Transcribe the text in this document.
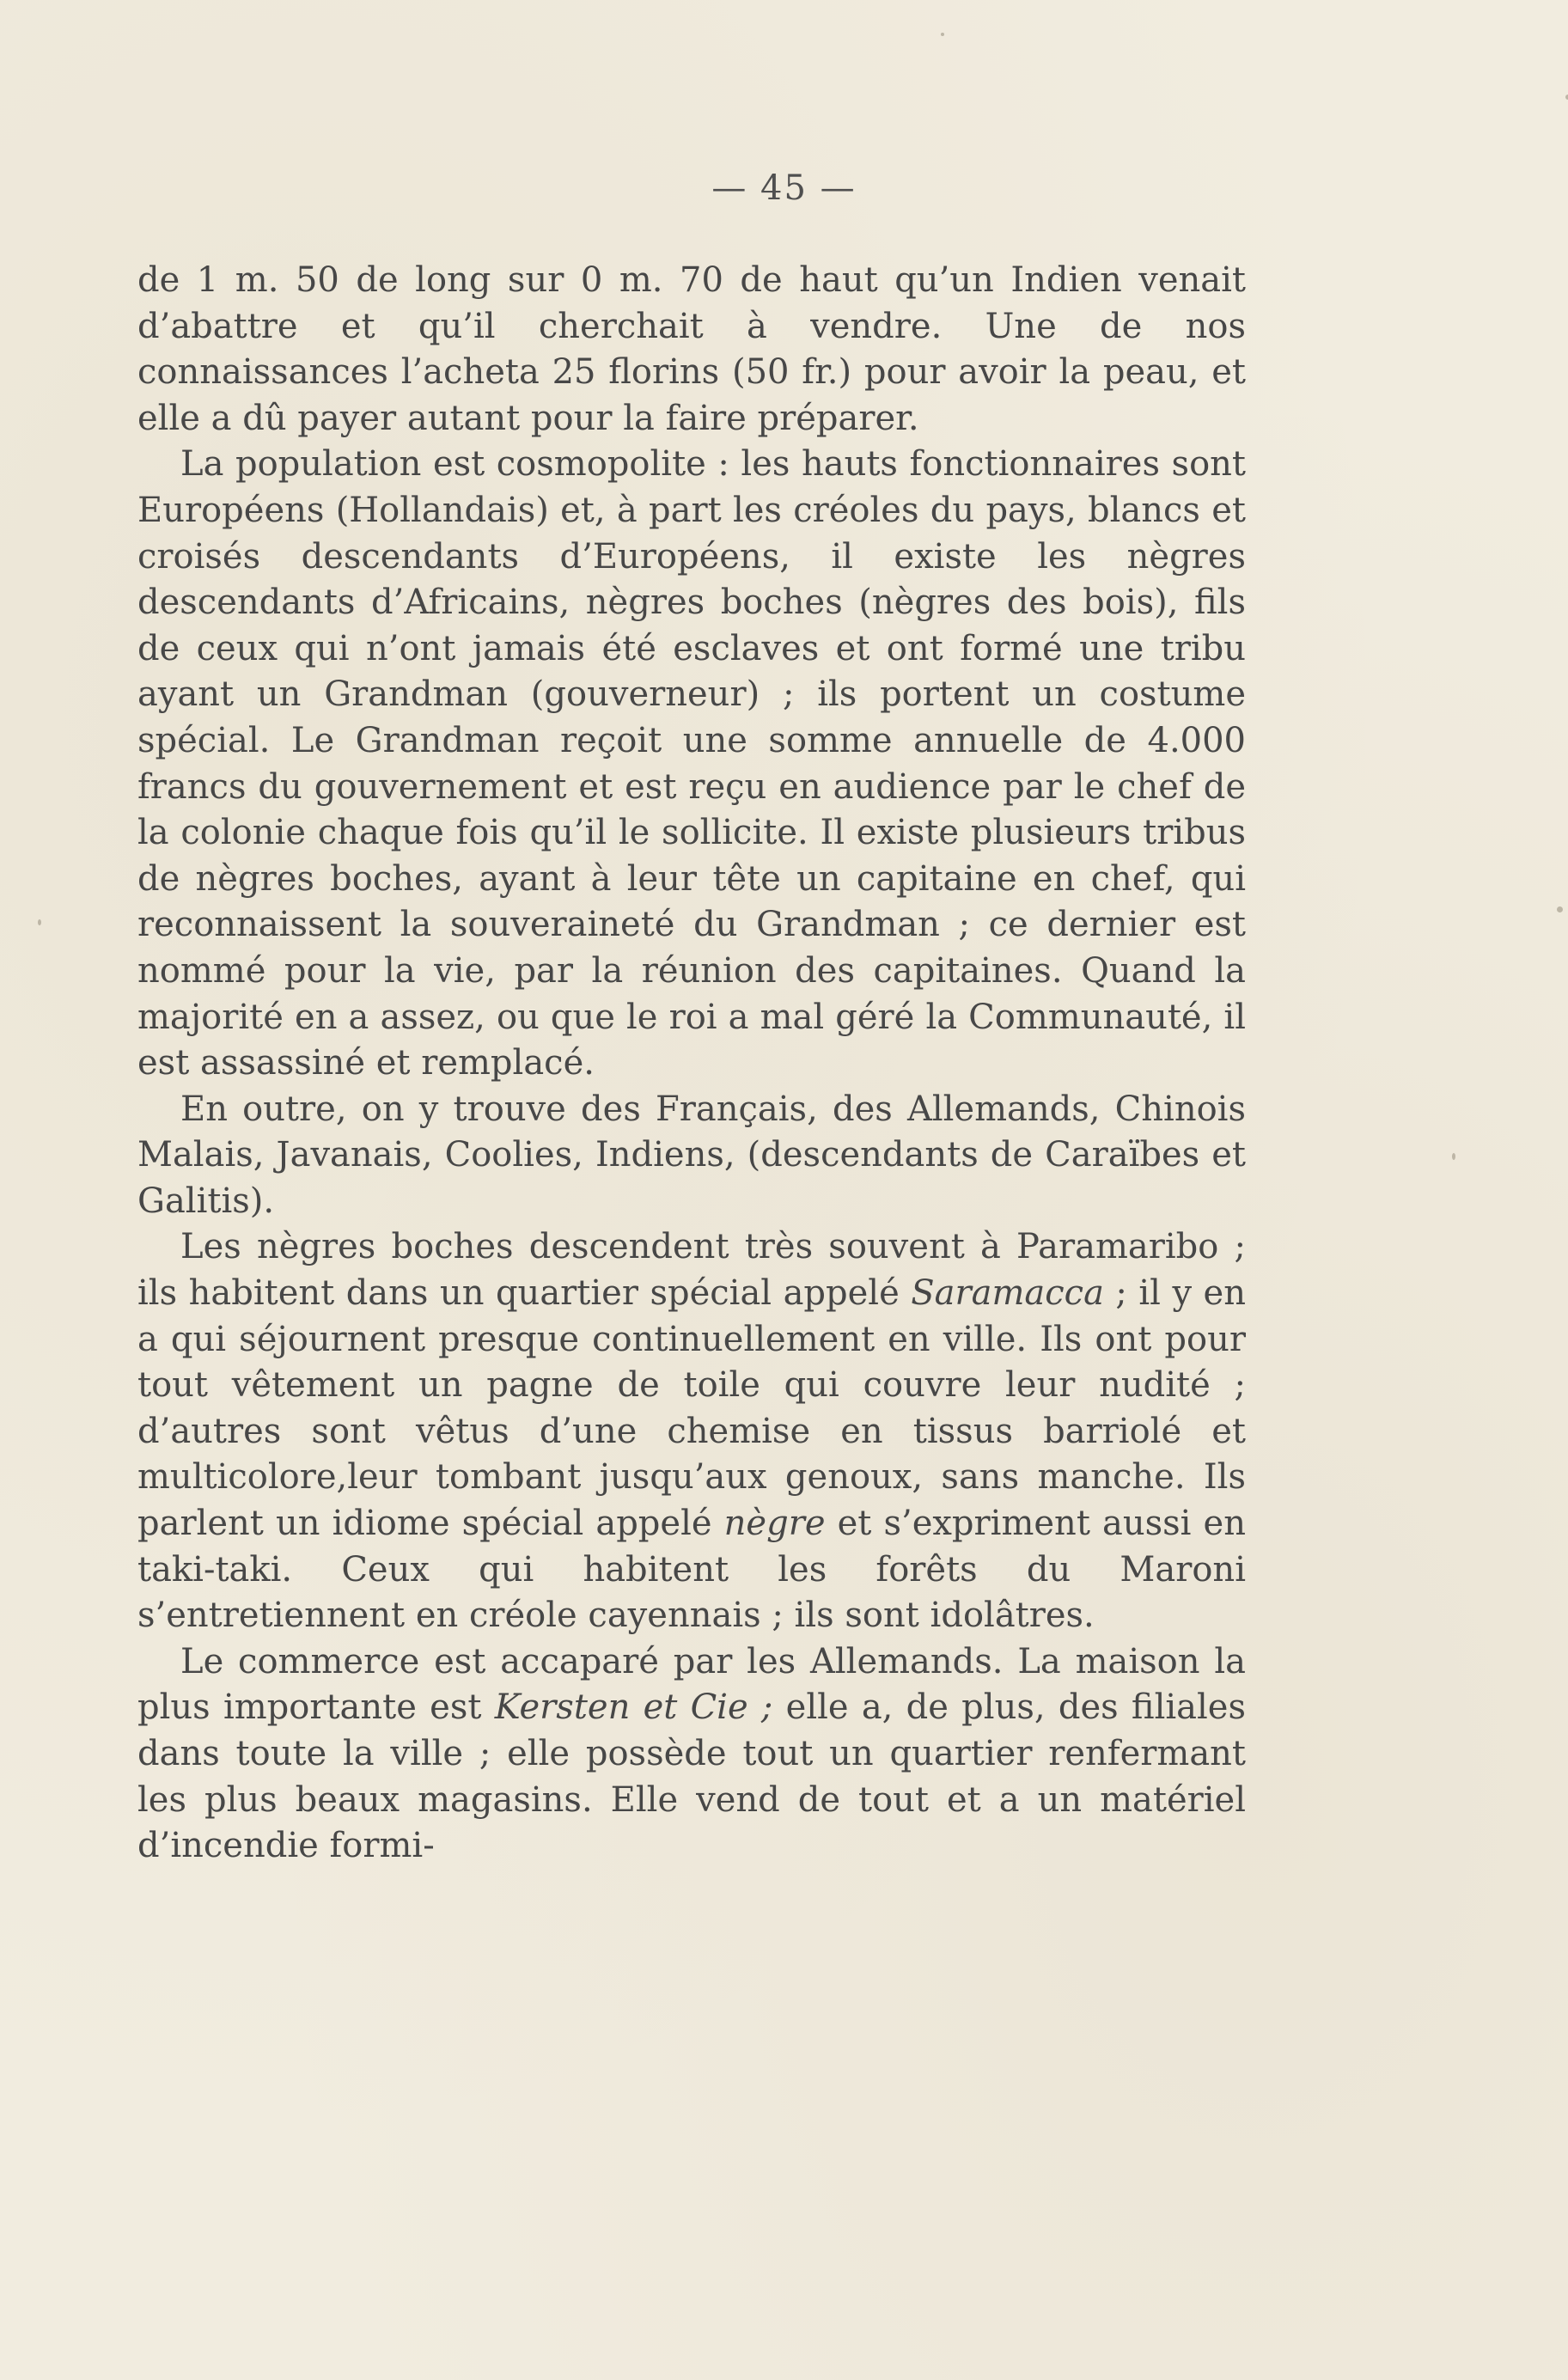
— 45 —

de 1 m. 50 de long sur 0 m. 70 de haut qu’un Indien venait d’abattre et qu’il cherchait à vendre. Une de nos connaissances l’acheta 25 florins (50 fr.) pour avoir la peau, et elle a dû payer autant pour la faire préparer.

La population est cosmopolite : les hauts fonctionnaires sont Européens (Hollandais) et, à part les créoles du pays, blancs et croisés descendants d’Européens, il existe les nègres descendants d’Africains, nègres boches (nègres des bois), fils de ceux qui n’ont jamais été esclaves et ont formé une tribu ayant un Grandman (gouverneur) ; ils portent un costume spécial. Le Grandman reçoit une somme annuelle de 4.000 francs du gouvernement et est reçu en audience par le chef de la colonie chaque fois qu’il le sollicite. Il existe plusieurs tribus de nègres boches, ayant à leur tête un capitaine en chef, qui reconnaissent la souveraineté du Grandman ; ce dernier est nommé pour la vie, par la réunion des capitaines. Quand la majorité en a assez, ou que le roi a mal géré la Communauté, il est assassiné et remplacé.

En outre, on y trouve des Français, des Allemands, Chinois Malais, Javanais, Coolies, Indiens, (descendants de Caraïbes et Galitis).

Les nègres boches descendent très souvent à Paramaribo ; ils habitent dans un quartier spécial appelé Saramacca ; il y en a qui séjournent presque continuellement en ville. Ils ont pour tout vêtement un pagne de toile qui couvre leur nudité ; d’autres sont vêtus d’une chemise en tissus barriolé et multicolore,leur tombant jusqu’aux genoux, sans manche. Ils parlent un idiome spécial appelé nègre et s’expriment aussi en taki-taki. Ceux qui habitent les forêts du Maroni s’entretiennent en créole cayennais ; ils sont idolâtres.

Le commerce est accaparé par les Allemands. La maison la plus importante est Kersten et Cie ; elle a, de plus, des filiales dans toute la ville ; elle possède tout un quartier renfermant les plus beaux magasins. Elle vend de tout et a un matériel d’incendie formi-
